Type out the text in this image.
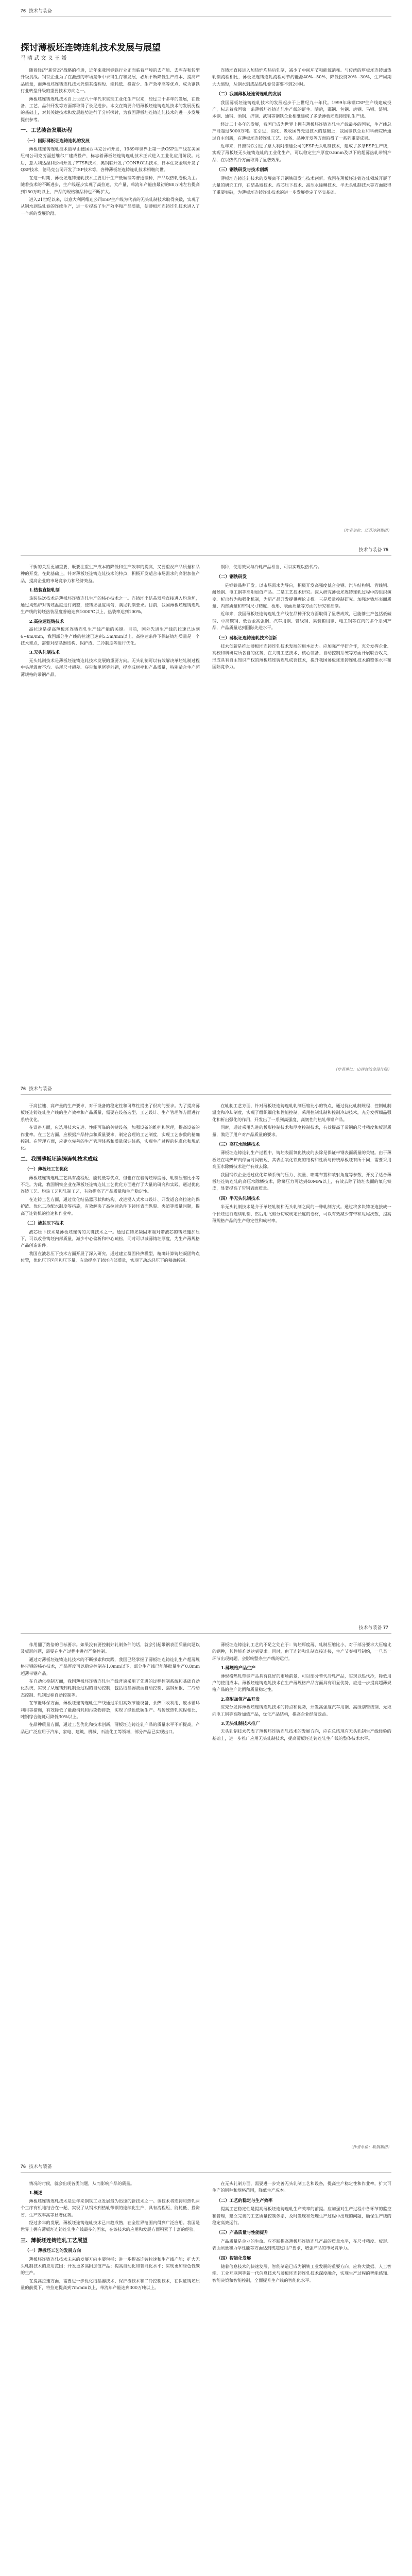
76 技术与装备
探讨薄板坯连铸连轧技术发展与展望
马 晴 武 文 义 王 媛

随着经济“新常态”战略的推进，近年来我国钢铁行业正面临着严峻的去产能、去库存和转型升级挑战。钢铁企业为了在激烈的市场竞争中求得生存和发展，必须不断降低生产成本、提高产品质量，而薄板坯连铸连轧技术凭借其流程短、能耗低、投资少、生产效率高等优点，成为钢铁行业转型升级的重要技术方向之一。

薄板坯连铸连轧技术自上世纪八十年代末实现工业化生产以来，经过三十多年的发展，在设备、工艺、品种开发等方面都取得了长足进步。本文在简要介绍薄板坯连铸连轧技术的发展历程的基础上，对其关键技术和发展趋势进行了分析探讨，为我国薄板坯连铸连轧技术的进一步发展提供参考。

一、工艺装备发展历程
（一）国际薄板坯连铸连轧的发展

薄板坯连铸连轧技术最早由德国西马克公司开发，1989年世界上第一条CSP生产线在美国纽柯公司克劳福兹维尔厂建成投产，标志着薄板坯连铸连轧技术正式进入工业化应用阶段。此后，意大利达涅利公司开发了FTSR技术，奥钢联开发了CONROLL技术，日本住友金属开发了QSP技术，德马克公司开发了ISP技术等，各种薄板坯连铸连轧技术相继问世。

在这一时期，薄板坯连铸连轧技术主要用于生产低碳钢等普通钢种，产品以热轧卷板为主。随着技术的不断进步，生产线逐步实现了高拉速、大产量，单流年产能由最初的80万吨左右提高到150万吨以上，产品的规格和品种也不断扩大。

进入21世纪以来，以意大利阿维迪公司ESP生产线为代表的无头轧制技术取得突破，实现了从钢水到热轧卷的连续生产，进一步提高了生产效率和产品质量，使薄板坯连铸连轧技术进入了一个新的发展阶段。

连铸坯直接进入加热炉均热后轧制，减少了中间环节和能源消耗。与传统的厚板坯连铸加热轧制流程相比，薄板坯连铸连轧流程可节约能源40%~50%，降低投资20%~30%，生产周期大大缩短，从钢水到成品热轧卷仅需要不到2小时。

（二）我国薄板坯连铸连轧的发展

我国薄板坯连铸连轧技术的发展起步于上世纪九十年代。1999年珠钢CSP生产线建成投产，标志着我国第一条薄板坯连铸连轧生产线的诞生。随后，邯钢、包钢、唐钢、马钢、涟钢、本钢、通钢、酒钢、济钢、武钢等钢铁企业相继建成了多条薄板坯连铸连轧生产线。

经过二十多年的发展，我国已成为世界上拥有薄板坯连铸连轧生产线最多的国家，生产线总产能超过5000万吨。在引进、消化、吸收国外先进技术的基础上，我国钢铁企业和科研院所通过自主创新，在薄板坯连铸连轧工艺、设备、品种开发等方面取得了一系列重要成果。

近年来，日照钢铁引进了意大利阿维迪公司的ESP无头轧制技术，建成了多条ESP生产线，实现了薄板坯无头连铸连轧的工业化生产，可以稳定生产厚度0.8mm及以下的超薄热轧带钢产品，在以热代冷方面取得了显著效果。

（三）钢铁研发与技术创新

薄板坯连铸连轧技术的发展离不开钢铁研发与技术创新。我国在薄板坯连铸连轧领域开展了大量的研究工作，在结晶器技术、液芯压下技术、高压水除鳞技术、半无头轧制技术等方面取得了重要突破，为薄板坯连铸连轧技术的进一步发展奠定了坚实基础。

（作者单位：江苏沙钢集团）
技术与装备 75

平衡的关系更加重要，既要注重生产成本的降低和生产效率的提高，又要重视产品质量和品种的开发。在此基础上，针对薄板坯连铸连轧技术的特点，积极开发适合市场需求的高附加值产品，提高企业的市场竞争力和经济效益。

1.热装直接轧制

热装热送技术是薄板坯连铸连轧生产的核心技术之一。连铸坯出结晶器后直接进入均热炉，通过均热炉对铸坯温度进行调整，使铸坯温度均匀，满足轧制要求。目前，我国薄板坯连铸连轧生产线的铸坯热装温度普遍达到1000℃以上，热装率达到100%。

2.高拉速连铸技术

高拉速是提高薄板坯连铸连轧生产线产能的关键。目前，国外先进生产线的拉速已达到6~8m/min，我国部分生产线的拉速已达到5.5m/min以上。高拉速条件下保证铸坯质量是一个技术难点，需要对结晶器结构、保护渣、二冷制度等进行优化。

3.无头轧制技术

无头轧制技术是薄板坯连铸连轧技术发展的重要方向。无头轧制可以有效解决单坯轧制过程中头尾温度不均、头尾尺寸超差、穿带和甩尾等问题，提高成材率和产品质量，特别适合生产超薄规格的带钢产品。

钢种，使用效果与冷轧产品相当，可以实现以热代冷。

（二）钢铁研发

一是钢铁品种开发。以市场需求为导向，积极开发高强度低合金钢、汽车结构钢、管线钢、耐候钢、电工钢等高附加值产品。二是工艺技术研究。深入研究薄板坯连铸连轧过程中的组织演变、析出行为和强化机制，为新产品开发提供理论支撑。三是质量控制研究。加强对铸坯表面质量、内部质量和带钢尺寸精度、板形、表面质量等方面的研究和控制。

近年来，我国薄板坯连铸连轧生产线在品种开发方面取得了显著成效，已能够生产包括低碳钢、中高碳钢、低合金高强钢、汽车用钢、管线钢、集装箱用钢、电工钢等在内的多个系列产品，产品质量达到国际先进水平。

（三）薄板坯连铸连轧技术创新

技术创新是推动薄板坯连铸连轧技术发展的根本动力。应加强产学研合作，充分发挥企业、高校和科研院所各自的优势，在关键工艺技术、核心装备、自动控制系统等方面开展联合攻关，形成具有自主知识产权的薄板坯连铸连轧成套技术，提升我国薄板坯连铸连轧技术的整体水平和国际竞争力。

（作者单位：山西省冶金设计院）
76 技术与装备

于高拉速、高产量的生产要求，对于设备的稳定性和可靠性提出了很高的要求。为了提高薄板坯连铸连轧生产线的生产效率和产品质量，需要在设备选型、工艺设计、生产管理等方面进行系统优化。

在设备方面，应选用技术先进、性能可靠的关键设备，加强设备的维护和管理，提高设备的作业率。在工艺方面，应根据产品特点和质量要求，制定合理的工艺制度，实现工艺参数的精确控制。在管理方面，应建立完善的生产管理体系和质量保证体系，实现生产过程的标准化和规范化。

二、我国薄板坯连铸连轧技术成就
（一）薄板坯工艺优化

薄板坯连铸连轧工艺具有流程短、能耗低等优点，但也存在着铸坯厚度薄、轧制压缩比小等不足。为此，我国钢铁企业在薄板坯连铸连轧工艺优化方面进行了大量的研究和实践，通过优化连铸工艺、均热工艺和轧制工艺，有效提高了产品质量和生产稳定性。

在连铸工艺方面，通过优化结晶器形状和结构、改进浸入式水口设计、开发适合高拉速的保护渣、优化二冷配水制度等措施，有效解决了高拉速条件下铸坯表面纵裂、夹渣等质量问题，提高了连铸机的拉速和作业率。

（二）液芯压下技术

液芯压下技术是薄板坯连铸的关键技术之一。通过在铸坯凝固末端对带液芯的铸坯施加压下，可以改善铸坯内部质量，减少中心偏析和中心疏松，同时可以减薄铸坯厚度，为生产薄规格产品创造条件。

我国在液芯压下技术方面开展了深入研究，通过建立凝固传热模型，精确计算铸坯凝固终点位置，优化压下区间和压下量，有效提高了铸坯内部质量，实现了动态轻压下的精确控制。

在轧制工艺方面，针对薄板坯连铸连轧轧制压缩比小的特点，通过优化轧制规程、控制轧制温度和冷却制度，实现了组织细化和性能控制。采用控制轧制和控制冷却技术，充分发挥细晶强化和析出强化的作用，开发出了一系列高强度、高韧性的热轧带钢产品。

同时，通过采用先进的板形控制技术和厚度控制技术，有效提高了带钢的尺寸精度和板形质量，满足了用户对产品质量的要求。

（三）高压水除鳞技术

薄板坯连铸连轧生产过程中，铸坯表面氧化铁皮的去除是保证带钢表面质量的关键。由于薄板坯在均热炉内停留时间较短，其表面氧化铁皮的结构和性质与传统厚板坯有所不同，需要采用高压水除鳞技术进行有效去除。

我国钢铁企业通过优化除鳞系统的压力、流量、喷嘴布置和喷射角度等参数，开发了适合薄板坯连铸连轧的高压水除鳞技术，除鳞压力可达到40MPa以上，有效去除了铸坯表面的氧化铁皮，显著提高了带钢表面质量。

（四）半无头轧制技术

半无头轧制技术是介于单坯轧制和无头轧制之间的一种轧制方式。通过将多块铸坯连接成一个长坯进行连续轧制，然后用飞剪分切成规定长度的卷材，可以有效减少穿带和甩尾次数，提高薄规格产品的生产稳定性和成材率。

技术与装备 77

作用翻了数倍的目标要求。如果没有要控制好轧制条件的话，就会引起带钢表面质量问题以及板形问题，需要在生产过程中进行严格控制。

通过对薄板坯连铸连轧技术的不断探索和实践，我国已经掌握了薄板坯连铸连轧生产超薄规格带钢的核心技术，产品厚度可以稳定控制在1.0mm以下，部分生产线已能够批量生产0.8mm超薄带钢产品。

在自动化控制方面，我国薄板坯连铸连轧生产线普遍采用了先进的过程控制系统和基础自动化系统，实现了从连铸到轧制全过程的自动控制，包括结晶器液面自动控制、漏钢预报、二冷动态控制、轧制过程自动控制等。

在节能环保方面，薄板坯连铸连轧生产线通过采用高效节能设备、余热回收利用、废水循环利用等措施，有效降低了能源消耗和污染物排放，实现了绿色低碳生产。与传统热轧流程相比，吨钢综合能耗可降低30%以上。

在品种质量方面，通过工艺优化和技术创新，薄板坯连铸连轧产品的质量水平不断提高，产品已广泛应用于汽车、家电、建筑、机械、石油化工等领域，部分产品已实现出口。

薄板坯连铸连轧工艺的不足之处在于：铸坯厚度薄、轧制压缩比小，对于部分要求大压缩比的钢种，其性能难以达到要求。同时，由于连铸和轧制直接连接，生产节奏相互制约，一旦某一环节出现问题，会影响整条生产线的运行。

1.薄规格产品生产

薄规格热轧带钢产品具有良好的市场前景，可以部分替代冷轧产品，实现以热代冷，降低用户的使用成本。薄板坯连铸连轧技术在生产薄规格产品方面具有明显优势，应进一步提高超薄规格产品的生产比例和质量稳定性。

2.高附加值产品开发

应充分发挥薄板坯连铸连轧技术的特点和优势，开发高强度汽车用钢、高级别管线钢、无取向电工钢等高附加值产品，优化产品结构，提高企业经济效益。

3.无头轧制技术推广

无头轧制技术代表了薄板坯连铸连轧技术的发展方向，应在总结现有无头轧制生产线经验的基础上，进一步推广应用无头轧制技术，提高薄板坯连铸连轧生产线的整体技术水平。

（作者单位：鞍钢集团）
76 技术与装备

情况的时候，就会出现各类问题，从而影响产品的质量。

1.概述

薄板坯连铸连轧技术是近年来钢铁工业发展最为迅速的新技术之一。该技术将连铸和热轧两个工序有机地结合在一起，实现了从钢水到热轧带钢的连续化生产，具有流程短、能耗低、投资省、生产效率高等显著优势。

经过多年的发展，薄板坯连铸连轧技术已日趋成熟，在全世界范围内得到广泛应用。我国是世界上拥有薄板坯连铸连轧生产线最多的国家，在该技术的应用和发展方面积累了丰富的经验。

三、薄板坯连铸连轧工艺展望
（一）薄板坯工艺的发展方向

薄板坯连铸连轧技术未来的发展方向主要包括：进一步提高连铸拉速和生产线产能；扩大无头轧制技术的应用范围；开发更多高附加值产品；提高自动化和智能化水平；实现更加绿色低碳的生产。

在提高拉速方面，需要进一步优化结晶器技术、保护渣技术和二冷控制技术，在保证铸坯质量的前提下，将拉速提高到7m/min以上，单流年产能达到300万吨以上。

在无头轧制方面，需要进一步完善无头轧制工艺和设备，提高生产稳定性和作业率，扩大可生产的钢种和规格范围，降低生产成本。

（二）工艺的稳定与生产效率

提高工艺稳定性是提高薄板坯连铸连轧生产效率的前提。应加强对生产过程中各环节的监控和管理，建立完善的工艺质量控制体系，及时发现和处理生产过程中出现的问题，确保生产线的稳定高效运行。

（三）产品质量与性能提升

产品质量是企业的生命。应不断提高薄板坯连铸连轧产品的质量水平，在尺寸精度、板形、表面质量和力学性能等方面达到或超过用户要求，增强产品的市场竞争力。

（四）智能化发展

随着信息技术的快速发展，智能制造已成为钢铁工业发展的重要方向。应将大数据、人工智能、工业互联网等新一代信息技术与薄板坯连铸连轧技术深度融合，实现生产过程的智能感知、智能决策和智能控制，全面提升生产线的智能化水平。
